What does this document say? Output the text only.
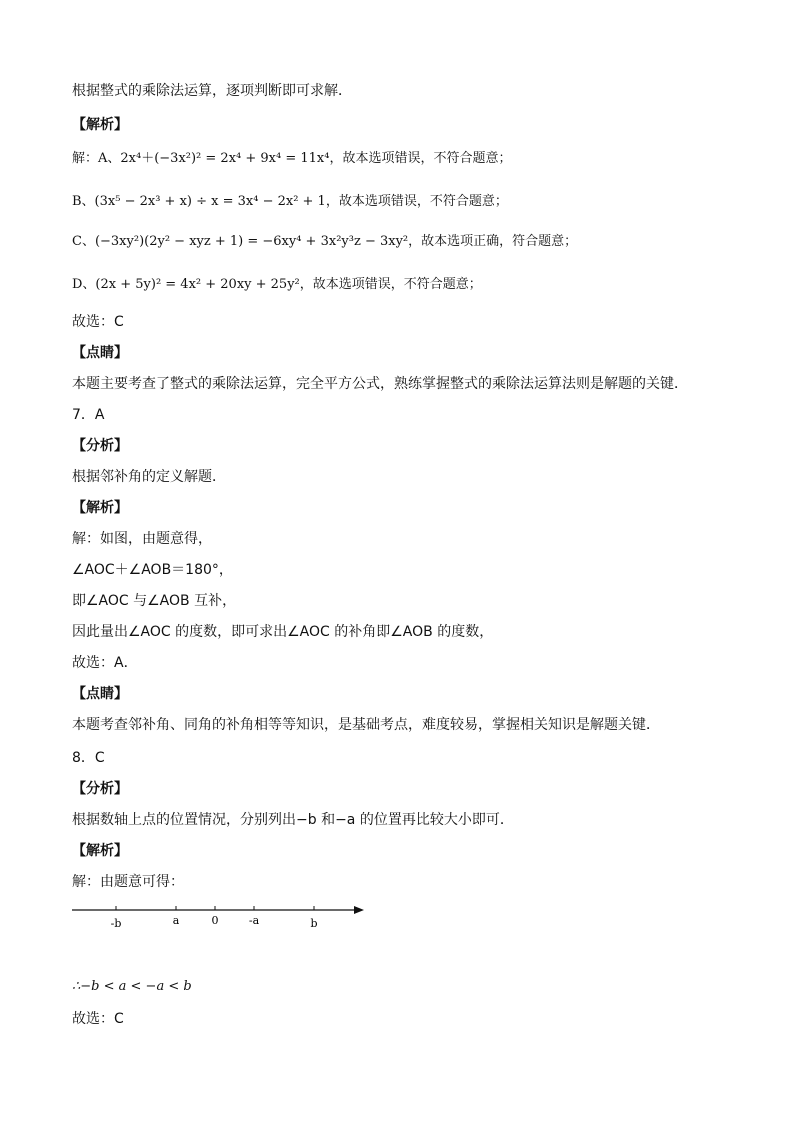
根据整式的乘除法运算，逐项判断即可求解．
【解析】
解：A、2x⁴＋(−3x²)² = 2x⁴ + 9x⁴ = 11x⁴，故本选项错误，不符合题意；
B、(3x⁵ − 2x³ + x) ÷ x = 3x⁴ − 2x² + 1，故本选项错误，不符合题意；
C、(−3xy²)(2y² − xyz + 1) = −6xy⁴ + 3x²y³z − 3xy²，故本选项正确，符合题意；
D、(2x + 5y)² = 4x² + 20xy + 25y²，故本选项错误，不符合题意；
故选：C
【点睛】
本题主要考查了整式的乘除法运算，完全平方公式，熟练掌握整式的乘除法运算法则是解题的关键．
7．A
【分析】
根据邻补角的定义解题．
【解析】
解：如图，由题意得，
∠AOC＋∠AOB＝180°，
即∠AOC 与∠AOB 互补，
因此量出∠AOC 的度数，即可求出∠AOC 的补角即∠AOB 的度数，
故选：A．
【点睛】
本题考查邻补角、同角的补角相等等知识，是基础考点，难度较易，掌握相关知识是解题关键．
8．C
【分析】
根据数轴上点的位置情况，分别列出−b 和−a 的位置再比较大小即可．
【解析】
解：由题意可得：
-b	a	0	-a	b
∴−b < a < −a < b
故选：C
